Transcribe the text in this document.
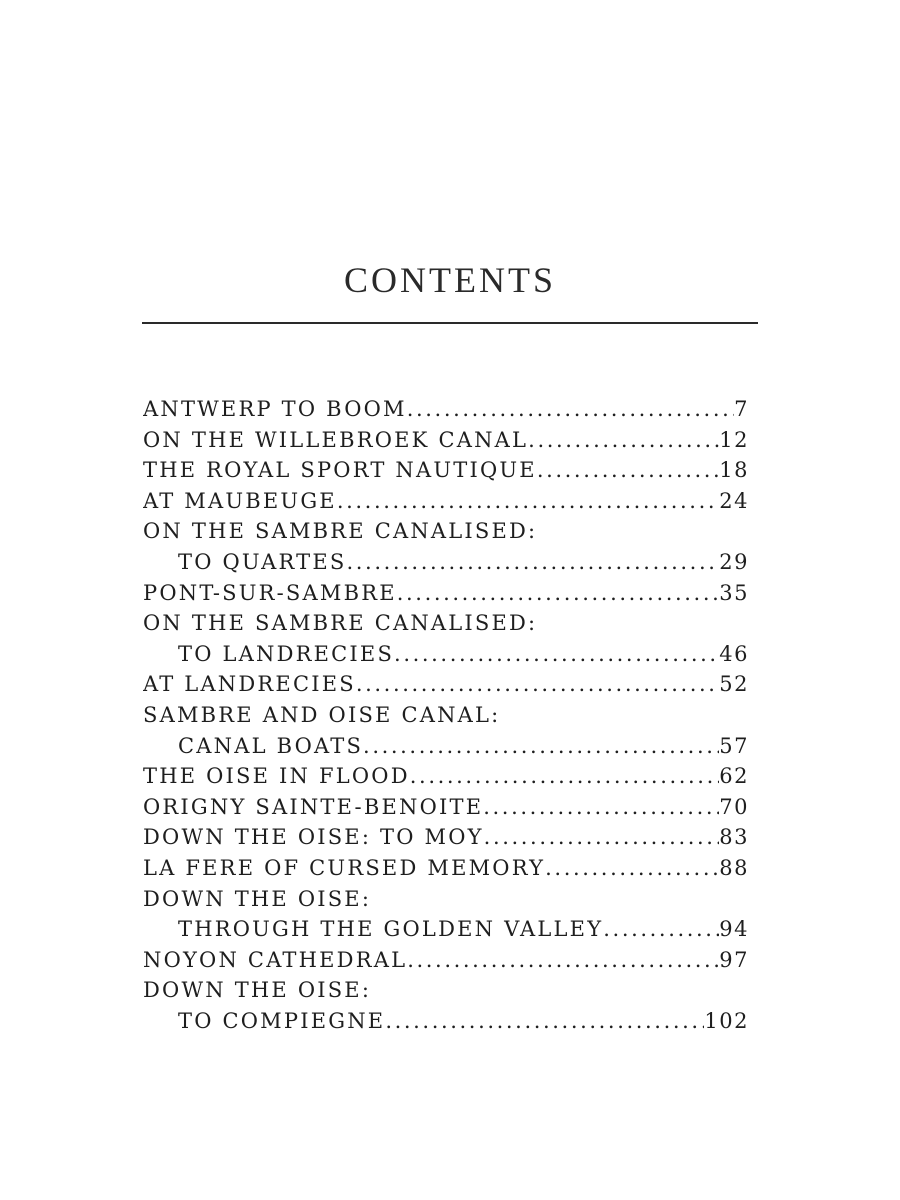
CONTENTS
ANTWERP TO BOOM .....	7
ON THE WILLEBROEK CANAL .....	12
THE ROYAL SPORT NAUTIQUE .....	18
AT MAUBEUGE .....	24
ON THE SAMBRE CANALISED:
TO QUARTES .....	29
PONT-SUR-SAMBRE .....	35
ON THE SAMBRE CANALISED:
TO LANDRECIES .....	46
AT LANDRECIES .....	52
SAMBRE AND OISE CANAL:
CANAL BOATS .....	57
THE OISE IN FLOOD .....	62
ORIGNY SAINTE-BENOITE .....	70
DOWN THE OISE: TO MOY .....	83
LA FERE OF CURSED MEMORY .....	88
DOWN THE OISE:
THROUGH THE GOLDEN VALLEY .....	94
NOYON CATHEDRAL .....	97
DOWN THE OISE:
TO COMPIEGNE .....	102
